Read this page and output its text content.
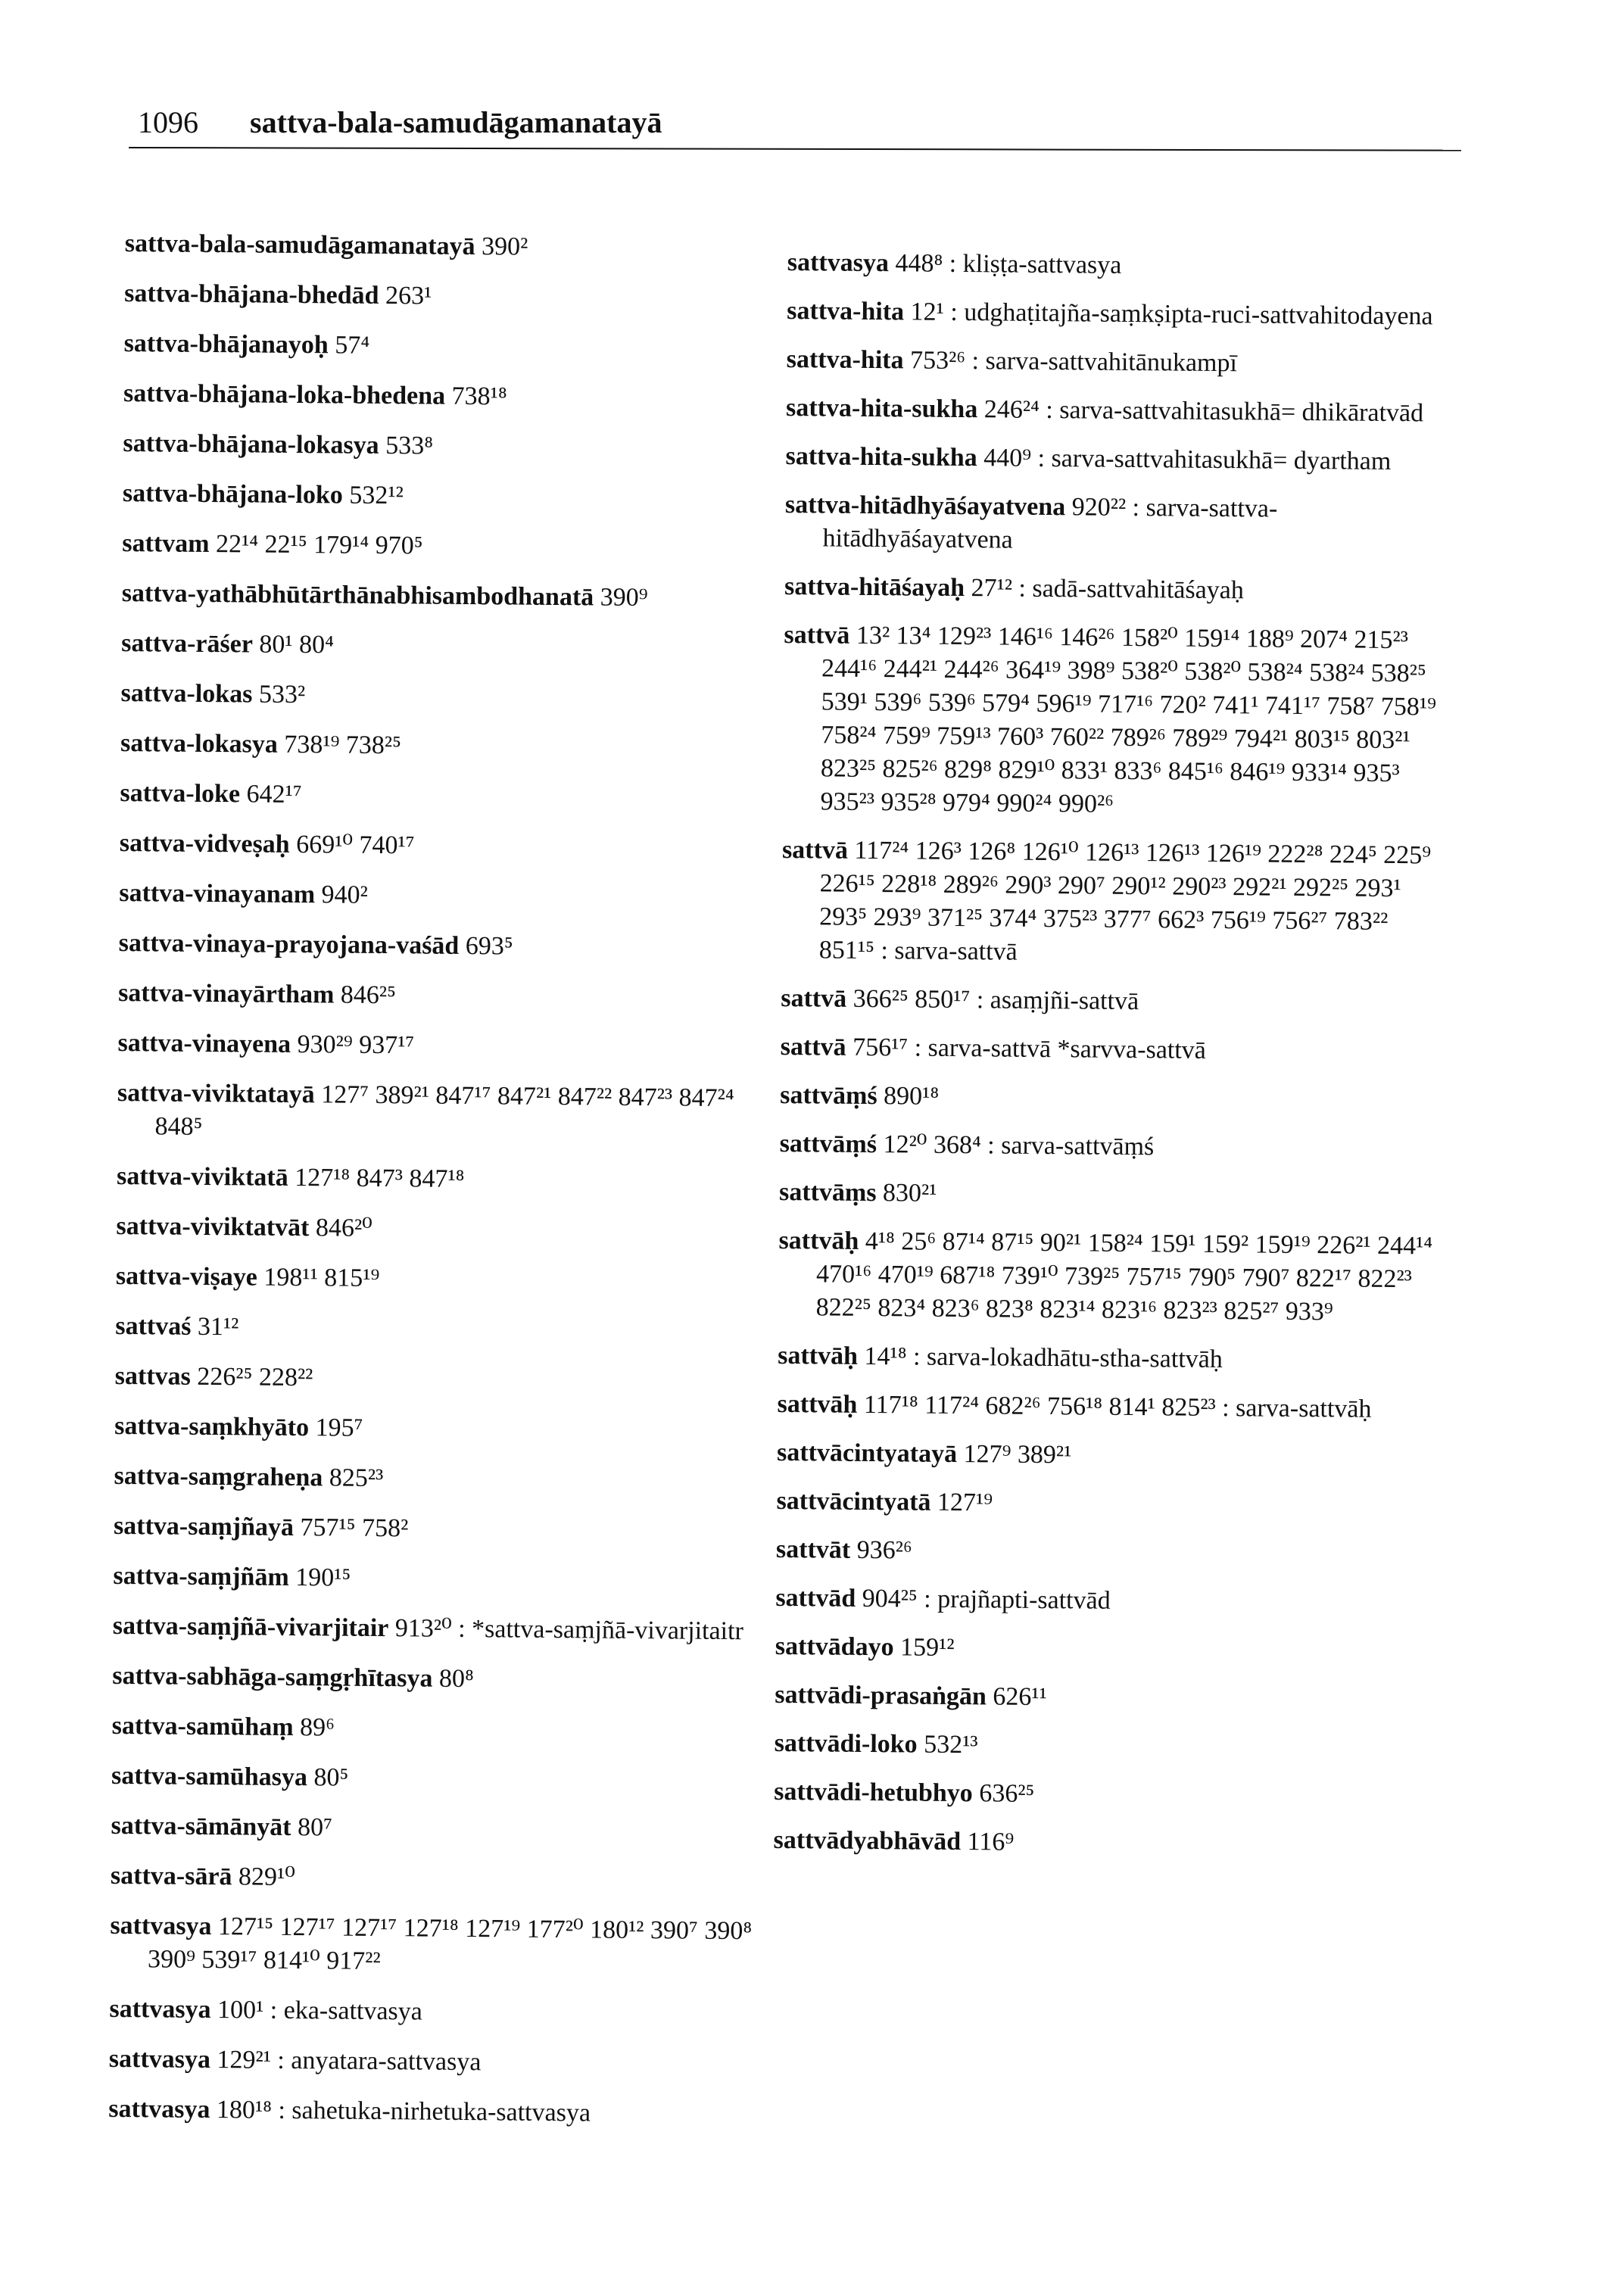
1096 sattva-bala-samudāgamanatayā
sattva-bala-samudāgamanatayā 390²
sattva-bhājana-bhedād 263¹
sattva-bhājanayoḥ 57⁴
sattva-bhājana-loka-bhedena 738¹⁸
sattva-bhājana-lokasya 533⁸
sattva-bhājana-loko 532¹²
sattvam 22¹⁴ 22¹⁵ 179¹⁴ 970⁵
sattva-yathābhūtārthānabhisambodhanatā 390⁹
sattva-rāśer 80¹ 80⁴
sattva-lokas 533²
sattva-lokasya 738¹⁹ 738²⁵
sattva-loke 642¹⁷
sattva-vidveṣaḥ 669¹⁰ 740¹⁷
sattva-vinayanam 940²
sattva-vinaya-prayojana-vaśād 693⁵
sattva-vinayārtham 846²⁵
sattva-vinayena 930²⁹ 937¹⁷
sattva-viviktatayā 127⁷ 389²¹ 847¹⁷ 847²¹ 847²² 847²³ 847²⁴ 848⁵
sattva-viviktatā 127¹⁸ 847³ 847¹⁸
sattva-viviktatvāt 846²⁰
sattva-viṣaye 198¹¹ 815¹⁹
sattvaś 31¹²
sattvas 226²⁵ 228²²
sattva-saṃkhyāto 195⁷
sattva-saṃgraheṇa 825²³
sattva-saṃjñayā 757¹⁵ 758²
sattva-saṃjñām 190¹⁵
sattva-saṃjñā-vivarjitair 913²⁰ : *sattva-saṃjñā-vivarjitaitr
sattva-sabhāga-saṃgṛhītasya 80⁸
sattva-samūhaṃ 89⁶
sattva-samūhasya 80⁵
sattva-sāmānyāt 80⁷
sattva-sārā 829¹⁰
sattvasya 127¹⁵ 127¹⁷ 127¹⁷ 127¹⁸ 127¹⁹ 177²⁰ 180¹² 390⁷ 390⁸ 390⁹ 539¹⁷ 814¹⁰ 917²²
sattvasya 100¹ : eka-sattvasya
sattvasya 129²¹ : anyatara-sattvasya
sattvasya 180¹⁸ : sahetuka-nirhetuka-sattvasya
sattvasya 448⁸ : kliṣṭa-sattvasya
sattva-hita 12¹ : udghaṭitajña-saṃkṣipta-ruci-sattvahitodayena
sattva-hita 753²⁶ : sarva-sattvahitānukampī
sattva-hita-sukha 246²⁴ : sarva-sattvahitasukhā= dhikāratvād
sattva-hita-sukha 440⁹ : sarva-sattvahitasukhā= dyartham
sattva-hitādhyāśayatvena 920²² : sarva-sattva-hitādhyāśayatvena
sattva-hitāśayaḥ 27¹² : sadā-sattvahitāśayaḥ
sattvā 13² 13⁴ 129²³ 146¹⁶ 146²⁶ 158²⁰ 159¹⁴ 188⁹ 207⁴ 215²³ 244¹⁶ 244²¹ 244²⁶ 364¹⁹ 398⁹ 538²⁰ 538²⁰ 538²⁴ 538²⁴ 538²⁵ 539¹ 539⁶ 539⁶ 579⁴ 596¹⁹ 717¹⁶ 720² 741¹ 741¹⁷ 758⁷ 758¹⁹ 758²⁴ 759⁹ 759¹³ 760³ 760²² 789²⁶ 789²⁹ 794²¹ 803¹⁵ 803²¹ 823²⁵ 825²⁶ 829⁸ 829¹⁰ 833¹ 833⁶ 845¹⁶ 846¹⁹ 933¹⁴ 935³ 935²³ 935²⁸ 979⁴ 990²⁴ 990²⁶
sattvā 117²⁴ 126³ 126⁸ 126¹⁰ 126¹³ 126¹³ 126¹⁹ 222²⁸ 224⁵ 225⁹ 226¹⁵ 228¹⁸ 289²⁶ 290³ 290⁷ 290¹² 290²³ 292²¹ 292²⁵ 293¹ 293⁵ 293⁹ 371²⁵ 374⁴ 375²³ 377⁷ 662³ 756¹⁹ 756²⁷ 783²² 851¹⁵ : sarva-sattvā
sattvā 366²⁵ 850¹⁷ : asaṃjñi-sattvā
sattvā 756¹⁷ : sarva-sattvā *sarvva-sattvā
sattvāṃś 890¹⁸
sattvāṃś 12²⁰ 368⁴ : sarva-sattvāṃś
sattvāṃs 830²¹
sattvāḥ 4¹⁸ 25⁶ 87¹⁴ 87¹⁵ 90²¹ 158²⁴ 159¹ 159² 159¹⁹ 226²¹ 244¹⁴ 470¹⁶ 470¹⁹ 687¹⁸ 739¹⁰ 739²⁵ 757¹⁵ 790⁵ 790⁷ 822¹⁷ 822²³ 822²⁵ 823⁴ 823⁶ 823⁸ 823¹⁴ 823¹⁶ 823²³ 825²⁷ 933⁹
sattvāḥ 14¹⁸ : sarva-lokadhātu-stha-sattvāḥ
sattvāḥ 117¹⁸ 117²⁴ 682²⁶ 756¹⁸ 814¹ 825²³ : sarva-sattvāḥ
sattvācintyatayā 127⁹ 389²¹
sattvācintyatā 127¹⁹
sattvāt 936²⁶
sattvād 904²⁵ : prajñapti-sattvād
sattvādayo 159¹²
sattvādi-prasaṅgān 626¹¹
sattvādi-loko 532¹³
sattvādi-hetubhyo 636²⁵
sattvādyabhāvād 116⁹
